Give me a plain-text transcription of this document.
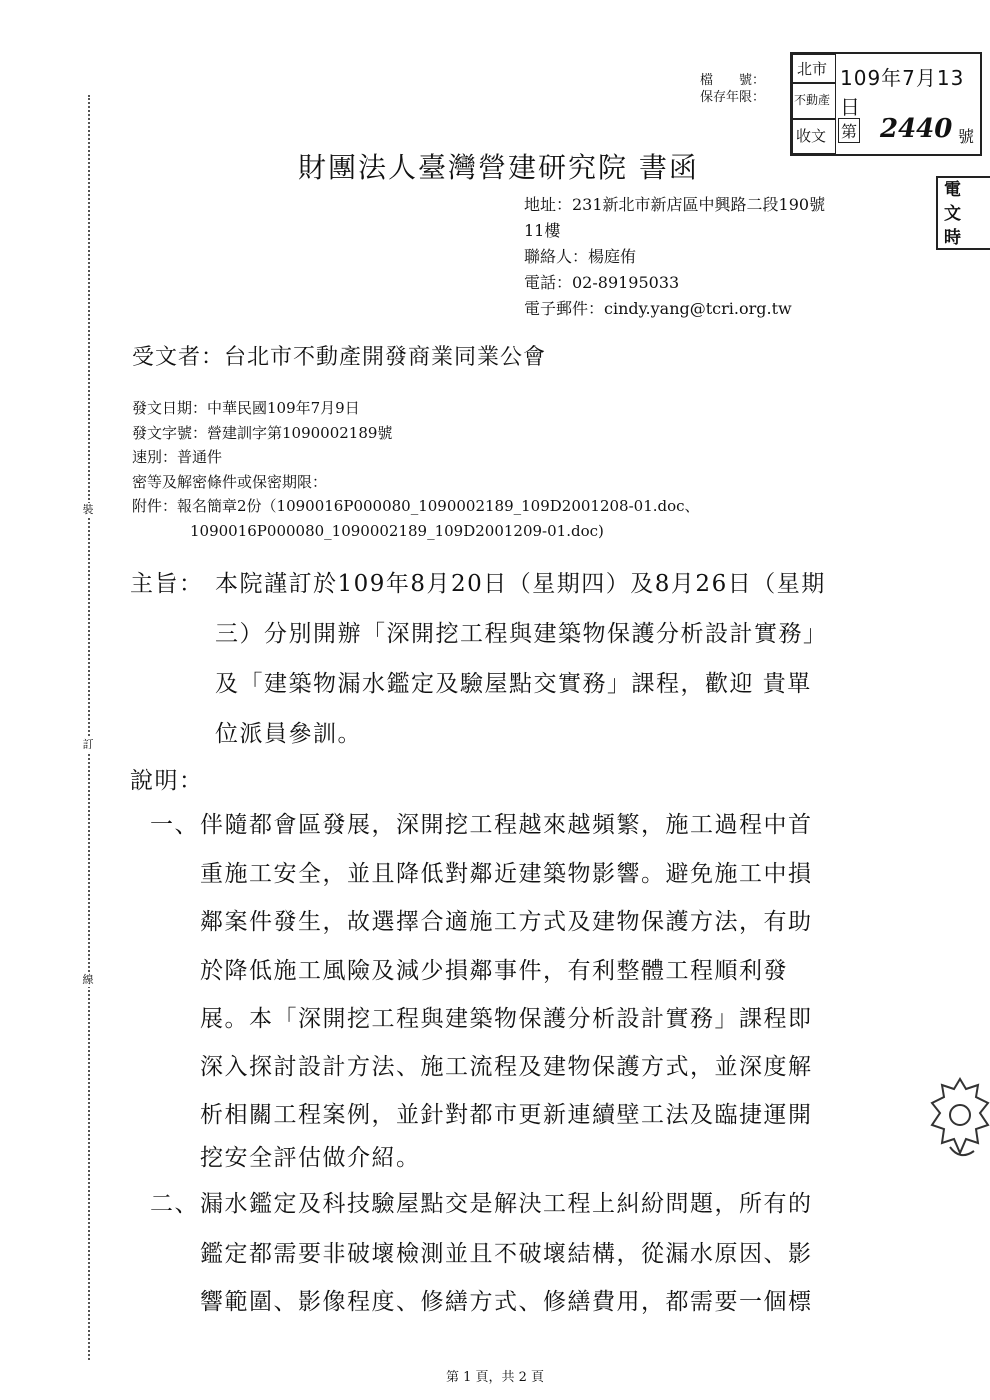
裝
訂
線
檔　　號：
保存年限：
北市
不動產
收文
109年7月13日
第 2440 號
電
文
時
財團法人臺灣營建研究院 書函
地址：231新北市新店區中興路二段190號
11樓
聯絡人：楊庭侑
電話：02-89195033
電子郵件：cindy.yang@tcri.org.tw
受文者：台北市不動產開發商業同業公會
發文日期：中華民國109年7月9日
發文字號：營建訓字第1090002189號
速別：普通件
密等及解密條件或保密期限：
附件：報名簡章2份（1090016P000080_1090002189_109D2001208-01.doc、
1090016P000080_1090002189_109D2001209-01.doc)
主旨： 本院謹訂於109年8月20日（星期四）及8月26日（星期
三）分別開辦「深開挖工程與建築物保護分析設計實務」
及「建築物漏水鑑定及驗屋點交實務」課程，歡迎 貴單
位派員參訓。
說明：
一、 伴隨都會區發展，深開挖工程越來越頻繁，施工過程中首
重施工安全，並且降低對鄰近建築物影響。避免施工中損
鄰案件發生，故選擇合適施工方式及建物保護方法，有助
於降低施工風險及減少損鄰事件，有利整體工程順利發
展。本「深開挖工程與建築物保護分析設計實務」課程即
深入探討設計方法、施工流程及建物保護方式，並深度解
析相關工程案例，並針對都市更新連續壁工法及臨捷運開
挖安全評估做介紹。
二、 漏水鑑定及科技驗屋點交是解決工程上糾紛問題，所有的
鑑定都需要非破壞檢測並且不破壞結構，從漏水原因、影
響範圍、影像程度、修繕方式、修繕費用，都需要一個標
第 1 頁，共 2 頁
